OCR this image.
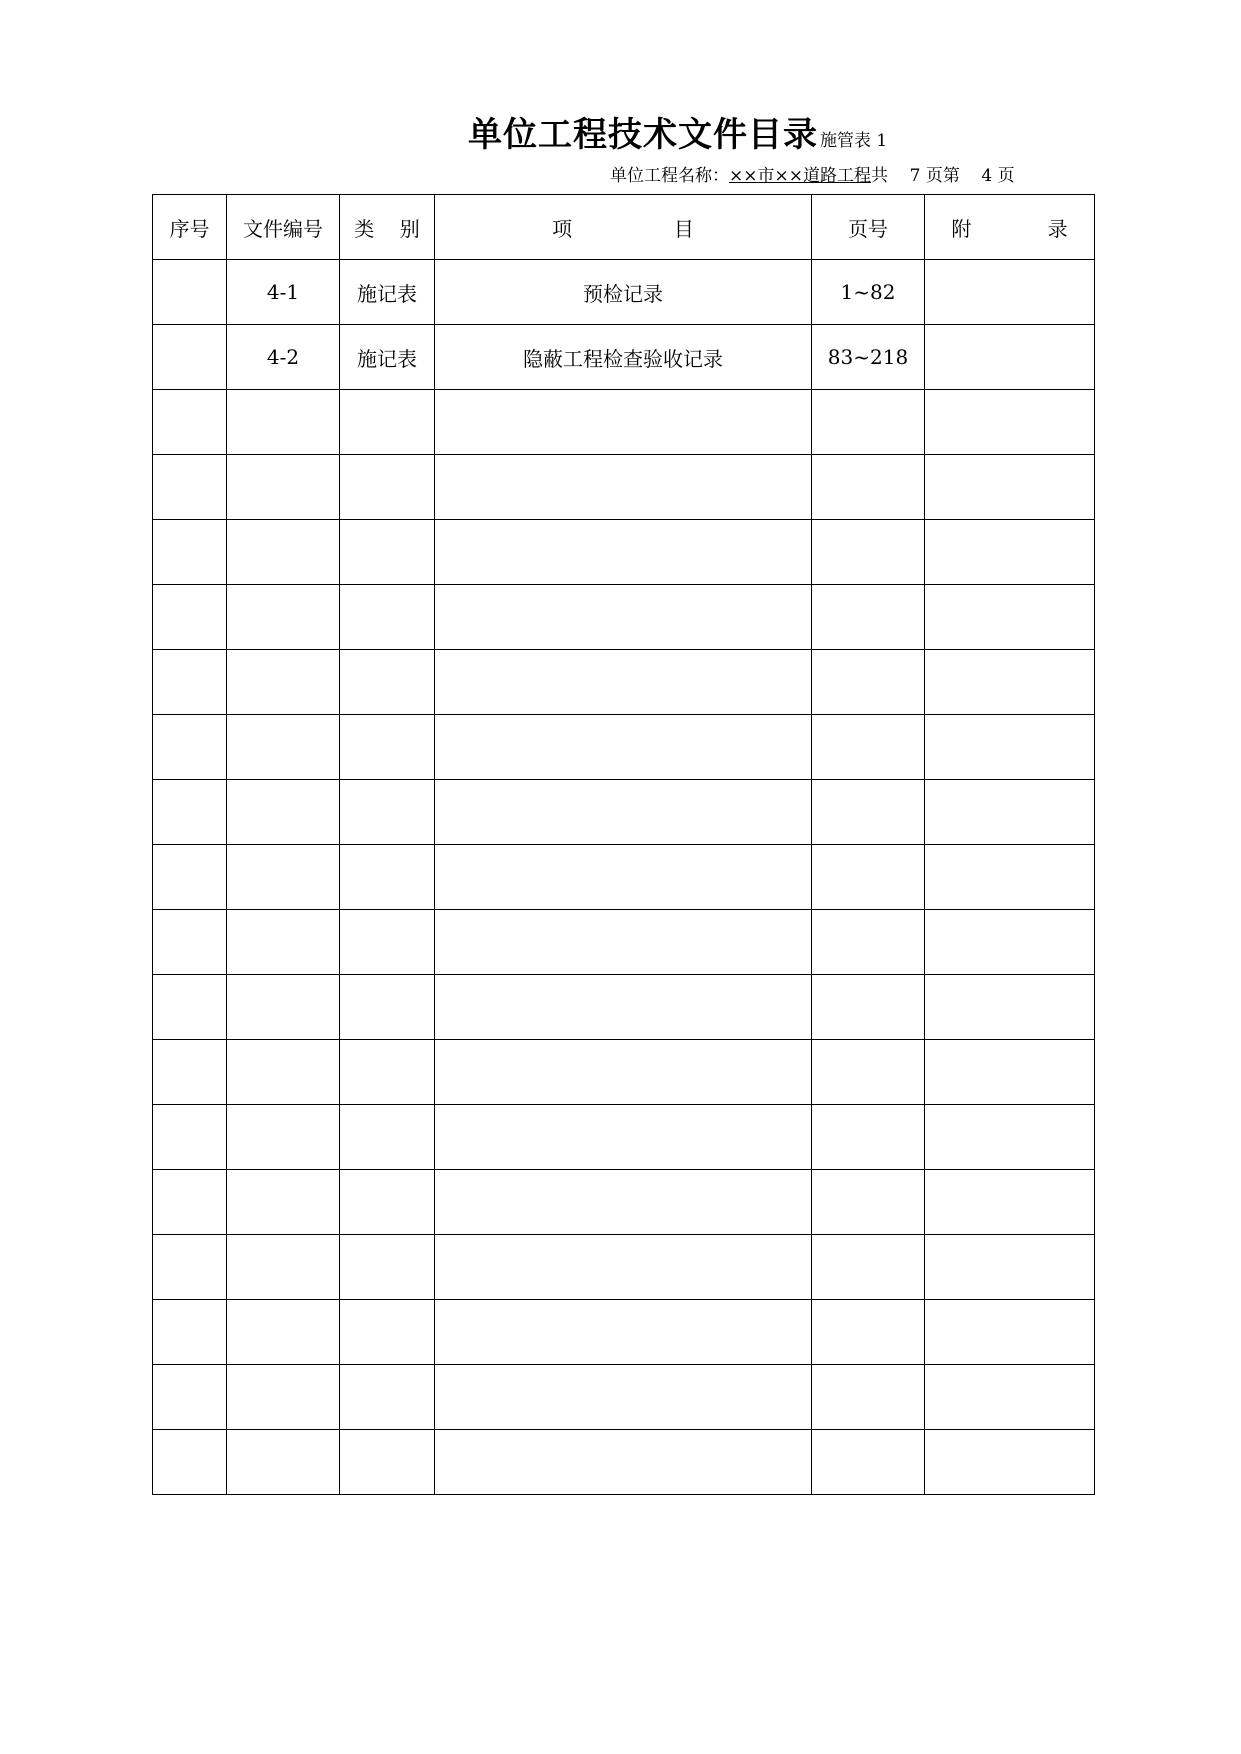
单位工程技术文件目录 施管表 1
单位工程名称：××市××道路工程共    7 页第    4 页
序号	文件编号	类    别	项                目	页号	附            录
	4-1	施记表	预检记录	1~82	
	4-2	施记表	隐蔽工程检查验收记录	83~218	
